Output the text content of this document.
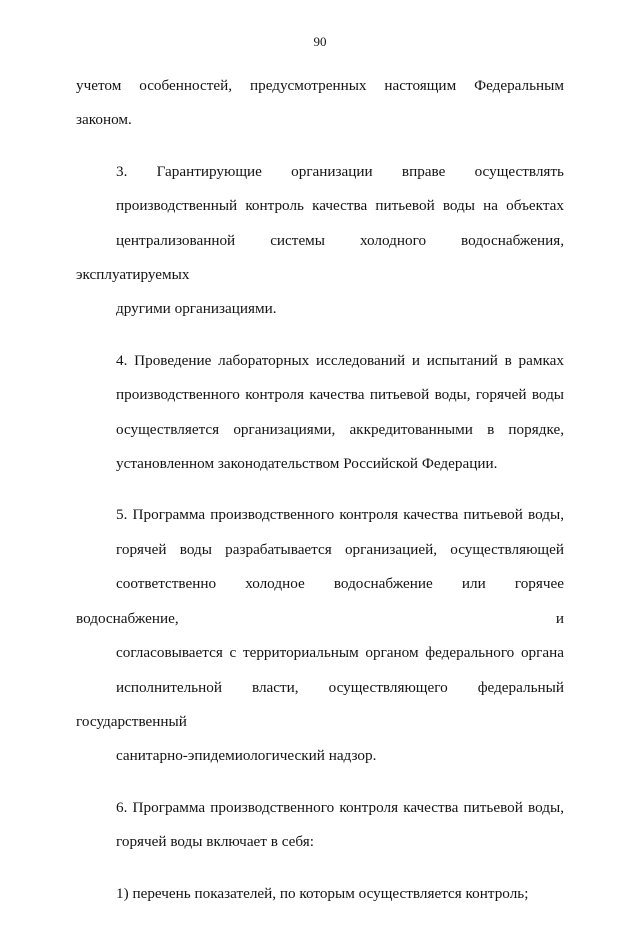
90

учетом особенностей, предусмотренных настоящим Федеральным
законом.

3. Гарантирующие организации вправе осуществлять
производственный контроль качества питьевой воды на объектах
централизованной системы холодного водоснабжения, эксплуатируемых
другими организациями.

4. Проведение лабораторных исследований и испытаний в рамках
производственного контроля качества питьевой воды, горячей воды
осуществляется организациями, аккредитованными в порядке,
установленном законодательством Российской Федерации.

5. Программа производственного контроля качества питьевой воды,
горячей воды разрабатывается организацией, осуществляющей
соответственно холодное водоснабжение или горячее водоснабжение, и
согласовывается с территориальным органом федерального органа
исполнительной власти, осуществляющего федеральный государственный
санитарно-эпидемиологический надзор.

6. Программа производственного контроля качества питьевой воды,
горячей воды включает в себя:

1) перечень показателей, по которым осуществляется контроль;
